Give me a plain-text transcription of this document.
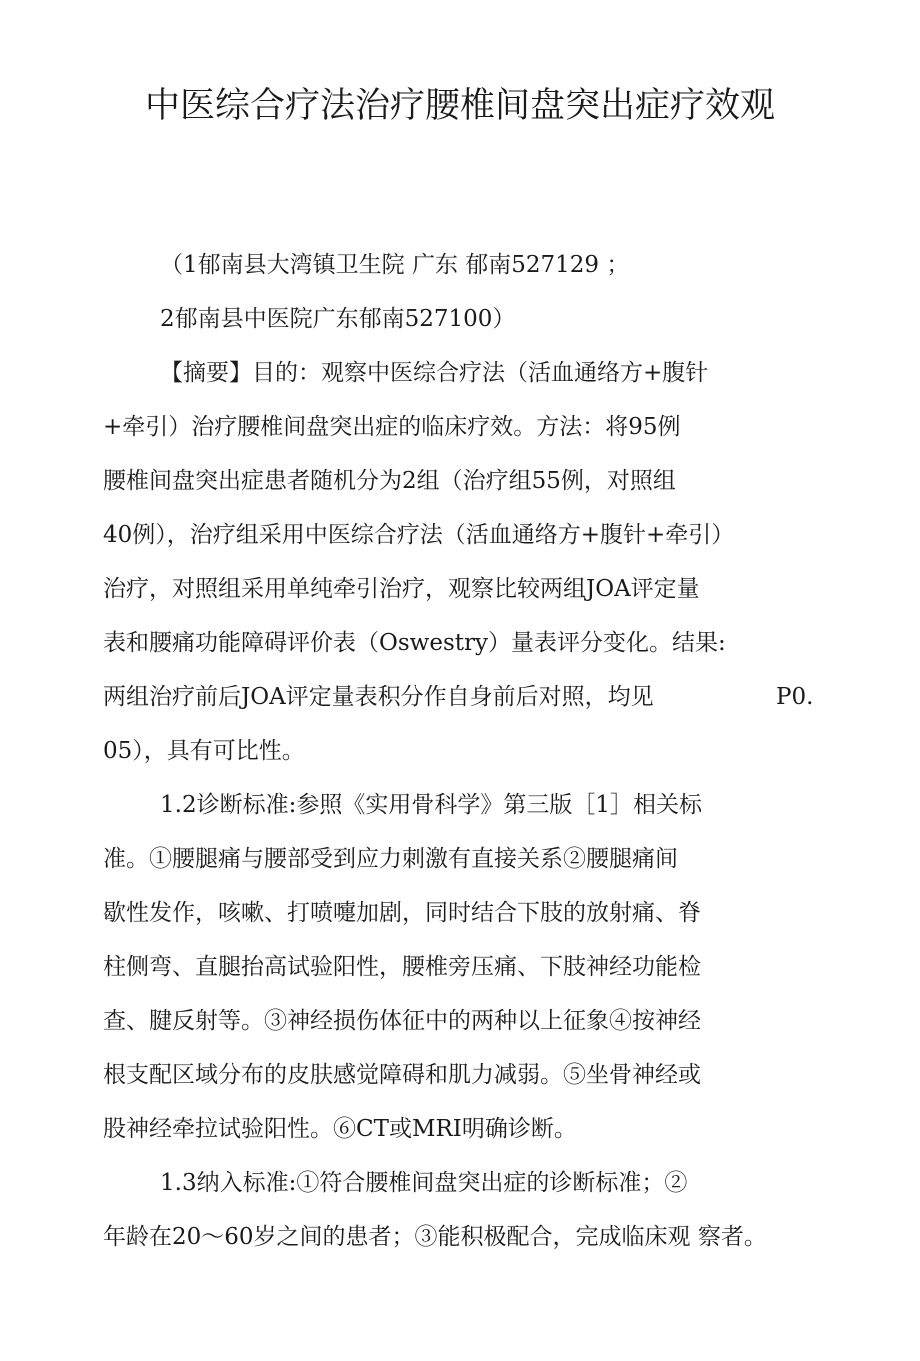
中医综合疗法治疗腰椎间盘突出症疗效观
（1郁南县大湾镇卫生院 广东 郁南527129 ；
2郁南县中医院广东郁南527100）
【摘要】目的：观察中医综合疗法（活血通络方+腹针
+牵引）治疗腰椎间盘突出症的临床疗效。方法：将95例
腰椎间盘突出症患者随机分为2组（治疗组55例，对照组
40例），治疗组采用中医综合疗法（活血通络方+腹针+牵引）
治疗，对照组采用单纯牵引治疗，观察比较两组JOA评定量
表和腰痛功能障碍评价表（Oswestry）量表评分变化。结果:
两组治疗前后JOA评定量表积分作自身前后对照，均见	P0.
05），具有可比性。
1.2诊断标准:参照《实用骨科学》第三版［1］相关标
准。①腰腿痛与腰部受到应力刺激有直接关系②腰腿痛间
歇性发作，咳嗽、打喷嚏加剧，同时结合下肢的放射痛、脊
柱侧弯、直腿抬高试验阳性，腰椎旁压痛、下肢神经功能检
查、腱反射等。③神经损伤体征中的两种以上征象④按神经
根支配区域分布的皮肤感觉障碍和肌力减弱。⑤坐骨神经或
股神经牵拉试验阳性。⑥CT或MRI明确诊断。
1.3纳入标准:①符合腰椎间盘突出症的诊断标准；②
年龄在20～60岁之间的患者；③能积极配合，完成临床观 察者。
